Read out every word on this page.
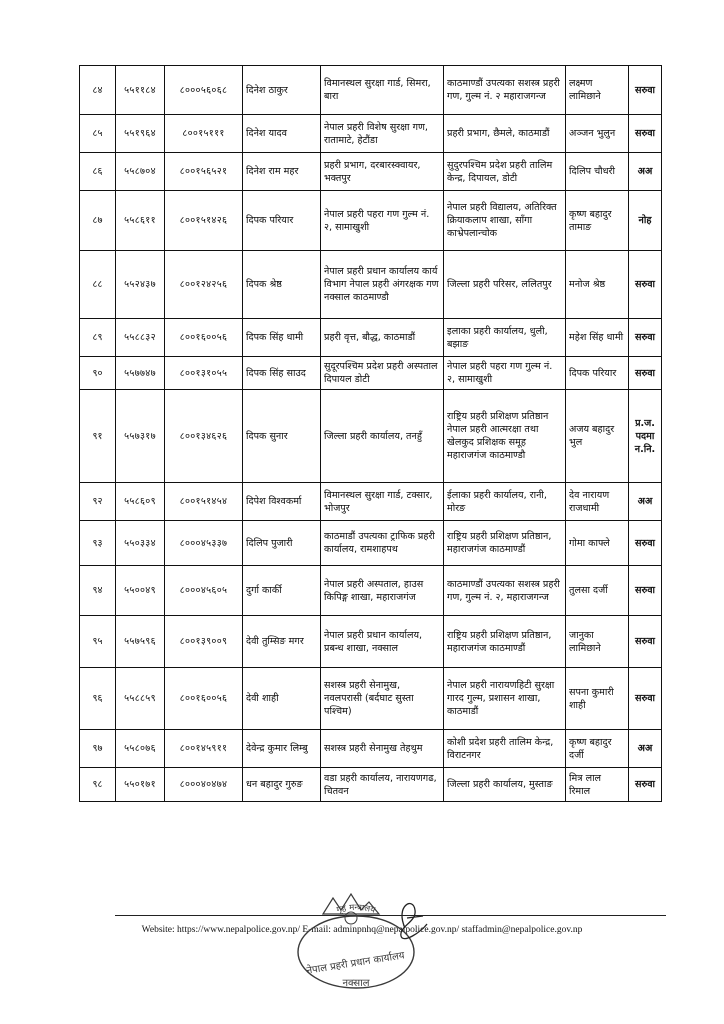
८४	५५११८४	८०००५६०६८	दिनेश ठाकुर	विमानस्थल सुरक्षा गार्ड, सिमरा, बारा	काठमाण्डौं उपत्यका सशस्त्र प्रहरी गण, गुल्म नं. २ महाराजगन्ज	लक्ष्मण लामिछाने	सरुवा
८५	५५१९६४	८००१५१११	दिनेश यादव	नेपाल प्रहरी विशेष सुरक्षा गण, रातामाटे, हेटौंडा	प्रहरी प्रभाग, छैमले, काठमाडौं	अञ्जन भुलुन	सरुवा
८६	५५८७०४	८००१५६५२१	दिनेश राम महर	प्रहरी प्रभाग, दरबारस्क्वायर, भक्तपुर	सुदुरपश्चिम प्रदेश प्रहरी तालिम केन्द्र, दिपायल, डोटी	दिलिप चौधरी	अअ
८७	५५८६११	८००१५१४२६	दिपक परियार	नेपाल प्रहरी पहरा गण गुल्म नं. २, सामाखुशी	नेपाल प्रहरी विद्यालय, अतिरिक्त क्रियाकलाप शाखा, साँगा काभ्रेपलान्चोक	कृष्ण बहादुर तामाङ	नोह
८८	५५२४३७	८००१२४२५६	दिपक श्रेष्ठ	नेपाल प्रहरी प्रधान कार्यालय कार्य विभाग नेपाल प्रहरी अंगरक्षक गण नक्साल काठमाण्डौ	जिल्ला प्रहरी परिसर, ललितपुर	मनोज श्रेष्ठ	सरुवा
८९	५५८८३२	८००१६००५६	दिपक सिंह धामी	प्रहरी वृत्त, बौद्ध, काठमाडौं	इलाका प्रहरी कार्यालय, धुली, बझाङ	महेश सिंह धामी	सरुवा
९०	५५७७४७	८००१३१०५५	दिपक सिंह साउद	सुदूरपश्चिम प्रदेश प्रहरी अस्पताल दिपायल डोटी	नेपाल प्रहरी पहरा गण गुल्म नं. २, सामाखुशी	दिपक परियार	सरुवा
९१	५५७३१७	८००१३४६२६	दिपक सुनार	जिल्ला प्रहरी कार्यालय, तनहुँ	राष्ट्रिय प्रहरी प्रशिक्षण प्रतिष्ठान नेपाल प्रहरी आत्मरक्षा तथा खेलकुद प्रशिक्षक समूह महाराजगंज काठमाण्डौ	अजय बहादुर भुल	प्र.ज. पदमा न.नि.
९२	५५८६०९	८००१५१४५४	दिपेश विश्वकर्मा	विमानस्थल सुरक्षा गार्ड, टक्सार, भोजपुर	ईलाका प्रहरी कार्यालय, रानी, मोरङ	देव नारायण राजधामी	अअ
९३	५५०३३४	८०००४५३३७	दिलिप पुजारी	काठमाडौं उपत्यका ट्राफिक प्रहरी कार्यालय, रामशाहपथ	राष्ट्रिय प्रहरी प्रशिक्षण प्रतिष्ठान, महाराजगंज काठमाण्डौं	गोमा काफ्ले	सरुवा
९४	५५००४९	८०००४५६०५	दुर्गा कार्की	नेपाल प्रहरी अस्पताल, हाउस किपिङ्ग शाखा, महाराजगंज	काठमाण्डौं उपत्यका सशस्त्र प्रहरी गण, गुल्म नं. २, महाराजगन्ज	तुलसा दर्जी	सरुवा
९५	५५७५९६	८००१३९००९	देवी तुम्सिङ मगर	नेपाल प्रहरी प्रधान कार्यालय, प्रबन्ध शाखा, नक्साल	राष्ट्रिय प्रहरी प्रशिक्षण प्रतिष्ठान, महाराजगंज काठमाण्डौं	जानुका लामिछाने	सरुवा
९६	५५८८५९	८००१६००५६	देवी शाही	सशस्त्र प्रहरी सेनामुख, नवलपरासी (बर्दघाट सुस्ता पश्चिम)	नेपाल प्रहरी नारायणहिटी सुरक्षा गारद गुल्म, प्रशासन शाखा, काठमाडौं	सपना कुमारी शाही	सरुवा
९७	५५८०७६	८००१४५९११	देवेन्द्र कुमार लिम्बु	सशस्त्र प्रहरी सेनामुख तेहथुम	कोशी प्रदेश प्रहरी तालिम केन्द्र, विराटनगर	कृष्ण बहादुर दर्जी	अअ
९८	५५०१७१	८०००४०४७४	धन बहादुर गुरुङ	वडा प्रहरी कार्यालय, नारायणगढ, चितवन	जिल्ला प्रहरी कार्यालय, मुस्ताङ	मित्र लाल रिमाल	सरुवा
Website: https://www.nepalpolice.gov.np/ E-mail: adminpnhq@nepalpolice.gov.np/ staffadmin@nepalpolice.gov.np
गृह मन्त्रालय
नेपाल प्रहरी प्रधान कार्यालय
नक्साल
